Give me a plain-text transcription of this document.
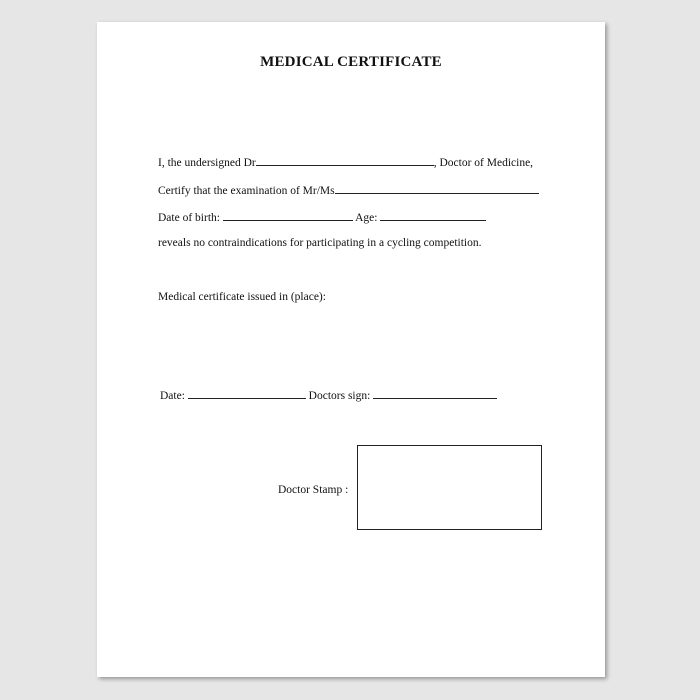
MEDICAL CERTIFICATE
I, the undersigned Dr	, Doctor of Medicine,
Certify that the examination of Mr/Ms
Date of birth:	Age:
reveals no contraindications for participating in a cycling competition.
Medical certificate issued in (place):
Date:	Doctors sign:
Doctor Stamp :
